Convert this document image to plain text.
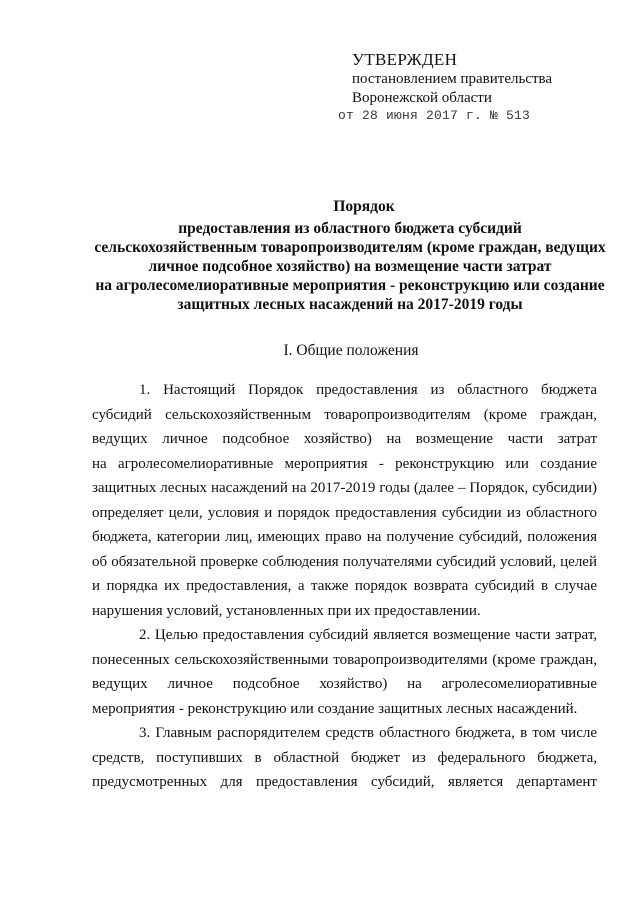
УТВЕРЖДЕН
постановлением правительства
Воронежской области
от 28 июня 2017 г. № 513
Порядок
предоставления из областного бюджета субсидий
сельскохозяйственным товаропроизводителям (кроме граждан, ведущих
личное подсобное хозяйство) на возмещение части затрат
на агролесомелиоративные мероприятия - реконструкцию или создание
защитных лесных насаждений на 2017-2019 годы
I. Общие положения
1. Настоящий Порядок предоставления из областного бюджета
субсидий сельскохозяйственным товаропроизводителям (кроме граждан,
ведущих личное подсобное хозяйство) на возмещение части затрат
на агролесомелиоративные мероприятия - реконструкцию или создание
защитных лесных насаждений на 2017-2019 годы (далее – Порядок, субсидии)
определяет цели, условия и порядок предоставления субсидии из областного
бюджета, категории лиц, имеющих право на получение субсидий, положения
об обязательной проверке соблюдения получателями субсидий условий, целей
и порядка их предоставления, а также порядок возврата субсидий в случае
нарушения условий, установленных при их предоставлении.
2. Целью предоставления субсидий является возмещение части затрат,
понесенных сельскохозяйственными товаропроизводителями (кроме граждан,
ведущих личное подсобное хозяйство) на агролесомелиоративные
мероприятия - реконструкцию или создание защитных лесных насаждений.
3. Главным распорядителем средств областного бюджета, в том числе
средств, поступивших в областной бюджет из федерального бюджета,
предусмотренных для предоставления субсидий, является департамент
